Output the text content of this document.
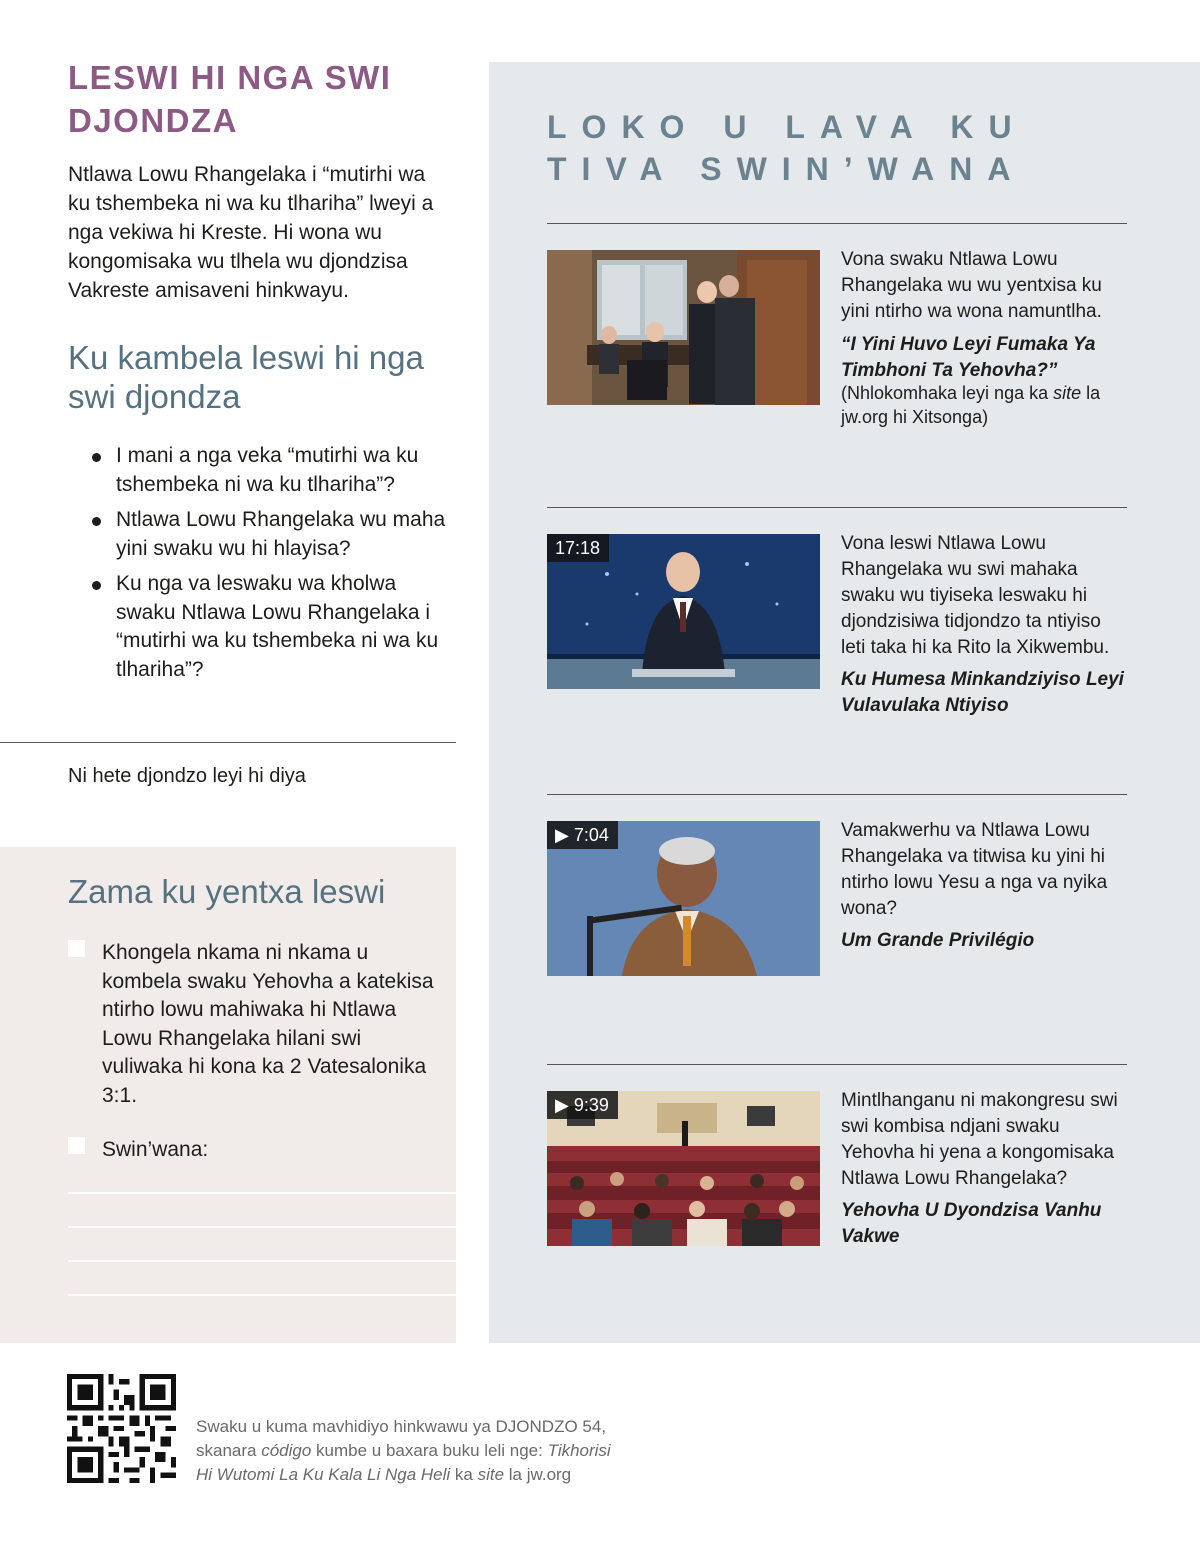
LESWI HI NGA SWI DJONDZA

Ntlawa Lowu Rhangelaka i “mutirhi wa ku tshembeka ni wa ku tlhariha” lweyi a nga vekiwa hi Kreste. Hi wona wu kongomisaka wu tlhela wu djondzisa Vakreste amisaveni hinkwayu.

Ku kambela leswi hi nga swi djondza
I mani a nga veka “mutirhi wa ku tshembeka ni wa ku tlhariha”?
Ntlawa Lowu Rhangelaka wu maha yini swaku wu hi hlayisa?
Ku nga va leswaku wa kholwa swaku Ntlawa Lowu Rhangelaka i “mutirhi wa ku tshembeka ni wa ku tlhariha”?

Ni hete djondzo leyi hi diya

Zama ku yentxa leswi
Khongela nkama ni nkama u kombela swaku Yehovha a katekisa ntirho lowu mahiwaka hi Ntlawa Lowu Rhangelaka hilani swi vuliwaka hi kona ka 2 Vatesalonika 3:1.
Swin’wana:
LOKO U LAVA KU TIVA SWIN’WANA

Vona swaku Ntlawa Lowu Rhangelaka wu wu yentxisa ku yini ntirho wa wona namuntlha.

“I Yini Huvo Leyi Fumaka Ya Timbhoni Ta Yehovha?”

(Nhlokomhaka leyi nga ka site la jw.org hi Xitsonga)

17:18	Vona leswi Ntlawa Lowu Rhangelaka wu swi mahaka swaku wu tiyiseka leswaku hi djondzisiwa tidjondzo ta ntiyiso leti taka hi ka Rito la Xikwembu.

Ku Humesa Minkandziyiso Leyi Vulavulaka Ntiyiso

▶ 7:04	Vamakwerhu va Ntlawa Lowu Rhangelaka va titwisa ku yini hi ntirho lowu Yesu a nga va nyika wona?

Um Grande Privilégio

▶ 9:39	Mintlhanganu ni makongresu swi swi kombisa ndjani swaku Yehovha hi yena a kongomisaka Ntlawa Lowu Rhangelaka?

Yehovha U Dyondzisa Vanhu Vakwe

Swaku u kuma mavhidiyo hinkwawu ya DJONDZO 54,
skanara código kumbe u baxara buku leli nge: Tikhorisi
Hi Wutomi La Ku Kala Li Nga Heli ka site la jw.org
